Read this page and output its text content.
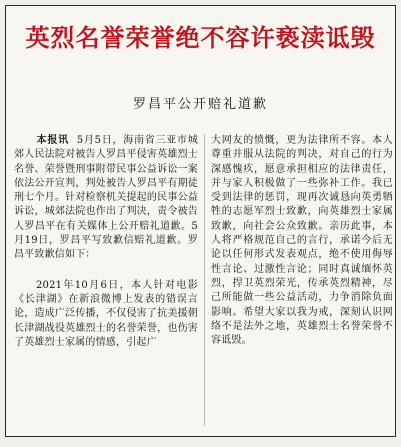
英烈名誉荣誉绝不容许亵渎诋毁
罗昌平公开赔礼道歉

本报讯 5月5日，海南省三亚市城郊人民法院对被告人罗昌平侵害英雄烈士名誉、荣誉暨刑事附带民事公益诉讼一案依法公开宣判，判处被告人罗昌平有期徒刑七个月。针对检察机关提起的民事公益诉讼，城郊法院也作出了判决，责令被告人罗昌平在有关媒体上公开赔礼道歉。5月19日，罗昌平写致歉信赔礼道歉。罗昌平致歉信如下：

2021年10月6日，本人针对电影《长津湖》在新浪微博上发表的错误言论，造成广泛传播，不仅侵害了抗美援朝长津湖战役英雄烈士的名誉荣誉，也伤害了英雄烈士家属的情感，引起广

大网友的愤慨，更为法律所不容。本人尊重并服从法院的判决，对自己的行为深感愧疚，愿意承担相应的法律责任，并与家人积极做了一些弥补工作。我已受到法律的惩罚，现再次诚恳向英勇牺牲的志愿军烈士致歉，向英雄烈士家属致歉，向社会公众致歉。亲历此事，本人将严格规范自己的言行，承诺今后无论以任何形式发表观点，绝不使用侮辱性言论、过激性言论；同时真诚缅怀英烈，捍卫英烈荣光，传承英烈精神，尽己所能做一些公益活动，力争消除负面影响。希望大家以我为戒，深刻认识网络不是法外之地，英雄烈士名誉荣誉不容诋毁。
